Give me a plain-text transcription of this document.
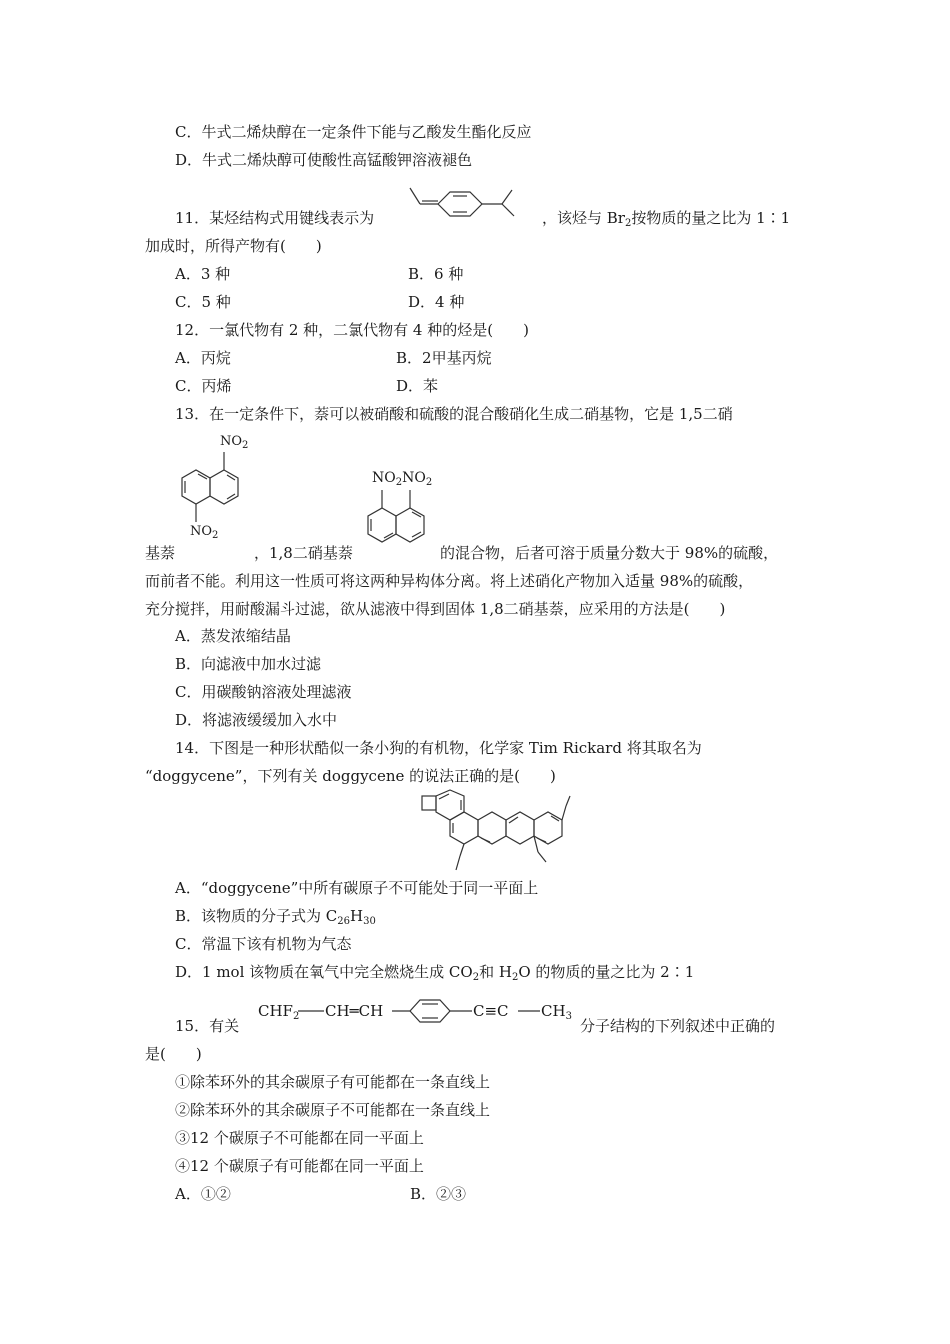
C．牛式二烯炔醇在一定条件下能与乙酸发生酯化反应
D．牛式二烯炔醇可使酸性高锰酸钾溶液褪色
11．某烃结构式用键线表示为	，该烃与 $Br_2$按物质的量之比为 1∶1
加成时，所得产物有(　　)
A．3 种	B．6 种
C．5 种	D．4 种
12．一氯代物有 2 种，二氯代物有 4 种的烃是(　　)
A．丙烷	B．2甲基丙烷
C．丙烯	D．苯
13．在一定条件下，萘可以被硝酸和硫酸的混合酸硝化生成二硝基物，它是 1,5二硝
$NO_2$
$NO_2$
基萘	，1,8二硝基萘
$NO_2NO_2$
的混合物，后者可溶于质量分数大于 98%的硫酸，
而前者不能。利用这一性质可将这两种异构体分离。将上述硝化产物加入适量 98%的硫酸，
充分搅拌，用耐酸漏斗过滤，欲从滤液中得到固体 1,8二硝基萘，应采用的方法是(　　)
A．蒸发浓缩结晶
B．向滤液中加水过滤
C．用碳酸钠溶液处理滤液
D．将滤液缓缓加入水中
14．下图是一种形状酷似一条小狗的有机物，化学家 Tim Rickard 将其取名为
“doggycene”，下列有关 doggycene 的说法正确的是(　　)
A．“doggycene”中所有碳原子不可能处于同一平面上
B．该物质的分子式为 $C_{26}H_{30}$
C．常温下该有机物为气态
D．1 mol 该物质在氧气中完全燃烧生成 $CO_2$和 $H_2O$ 的物质的量之比为 2∶1
15．有关
$CHF_2$ CH═CH	C≡C $CH_3$
分子结构的下列叙述中正确的
是(　　)
①除苯环外的其余碳原子有可能都在一条直线上
②除苯环外的其余碳原子不可能都在一条直线上
③12 个碳原子不可能都在同一平面上
④12 个碳原子有可能都在同一平面上
A．①②	B．②③
